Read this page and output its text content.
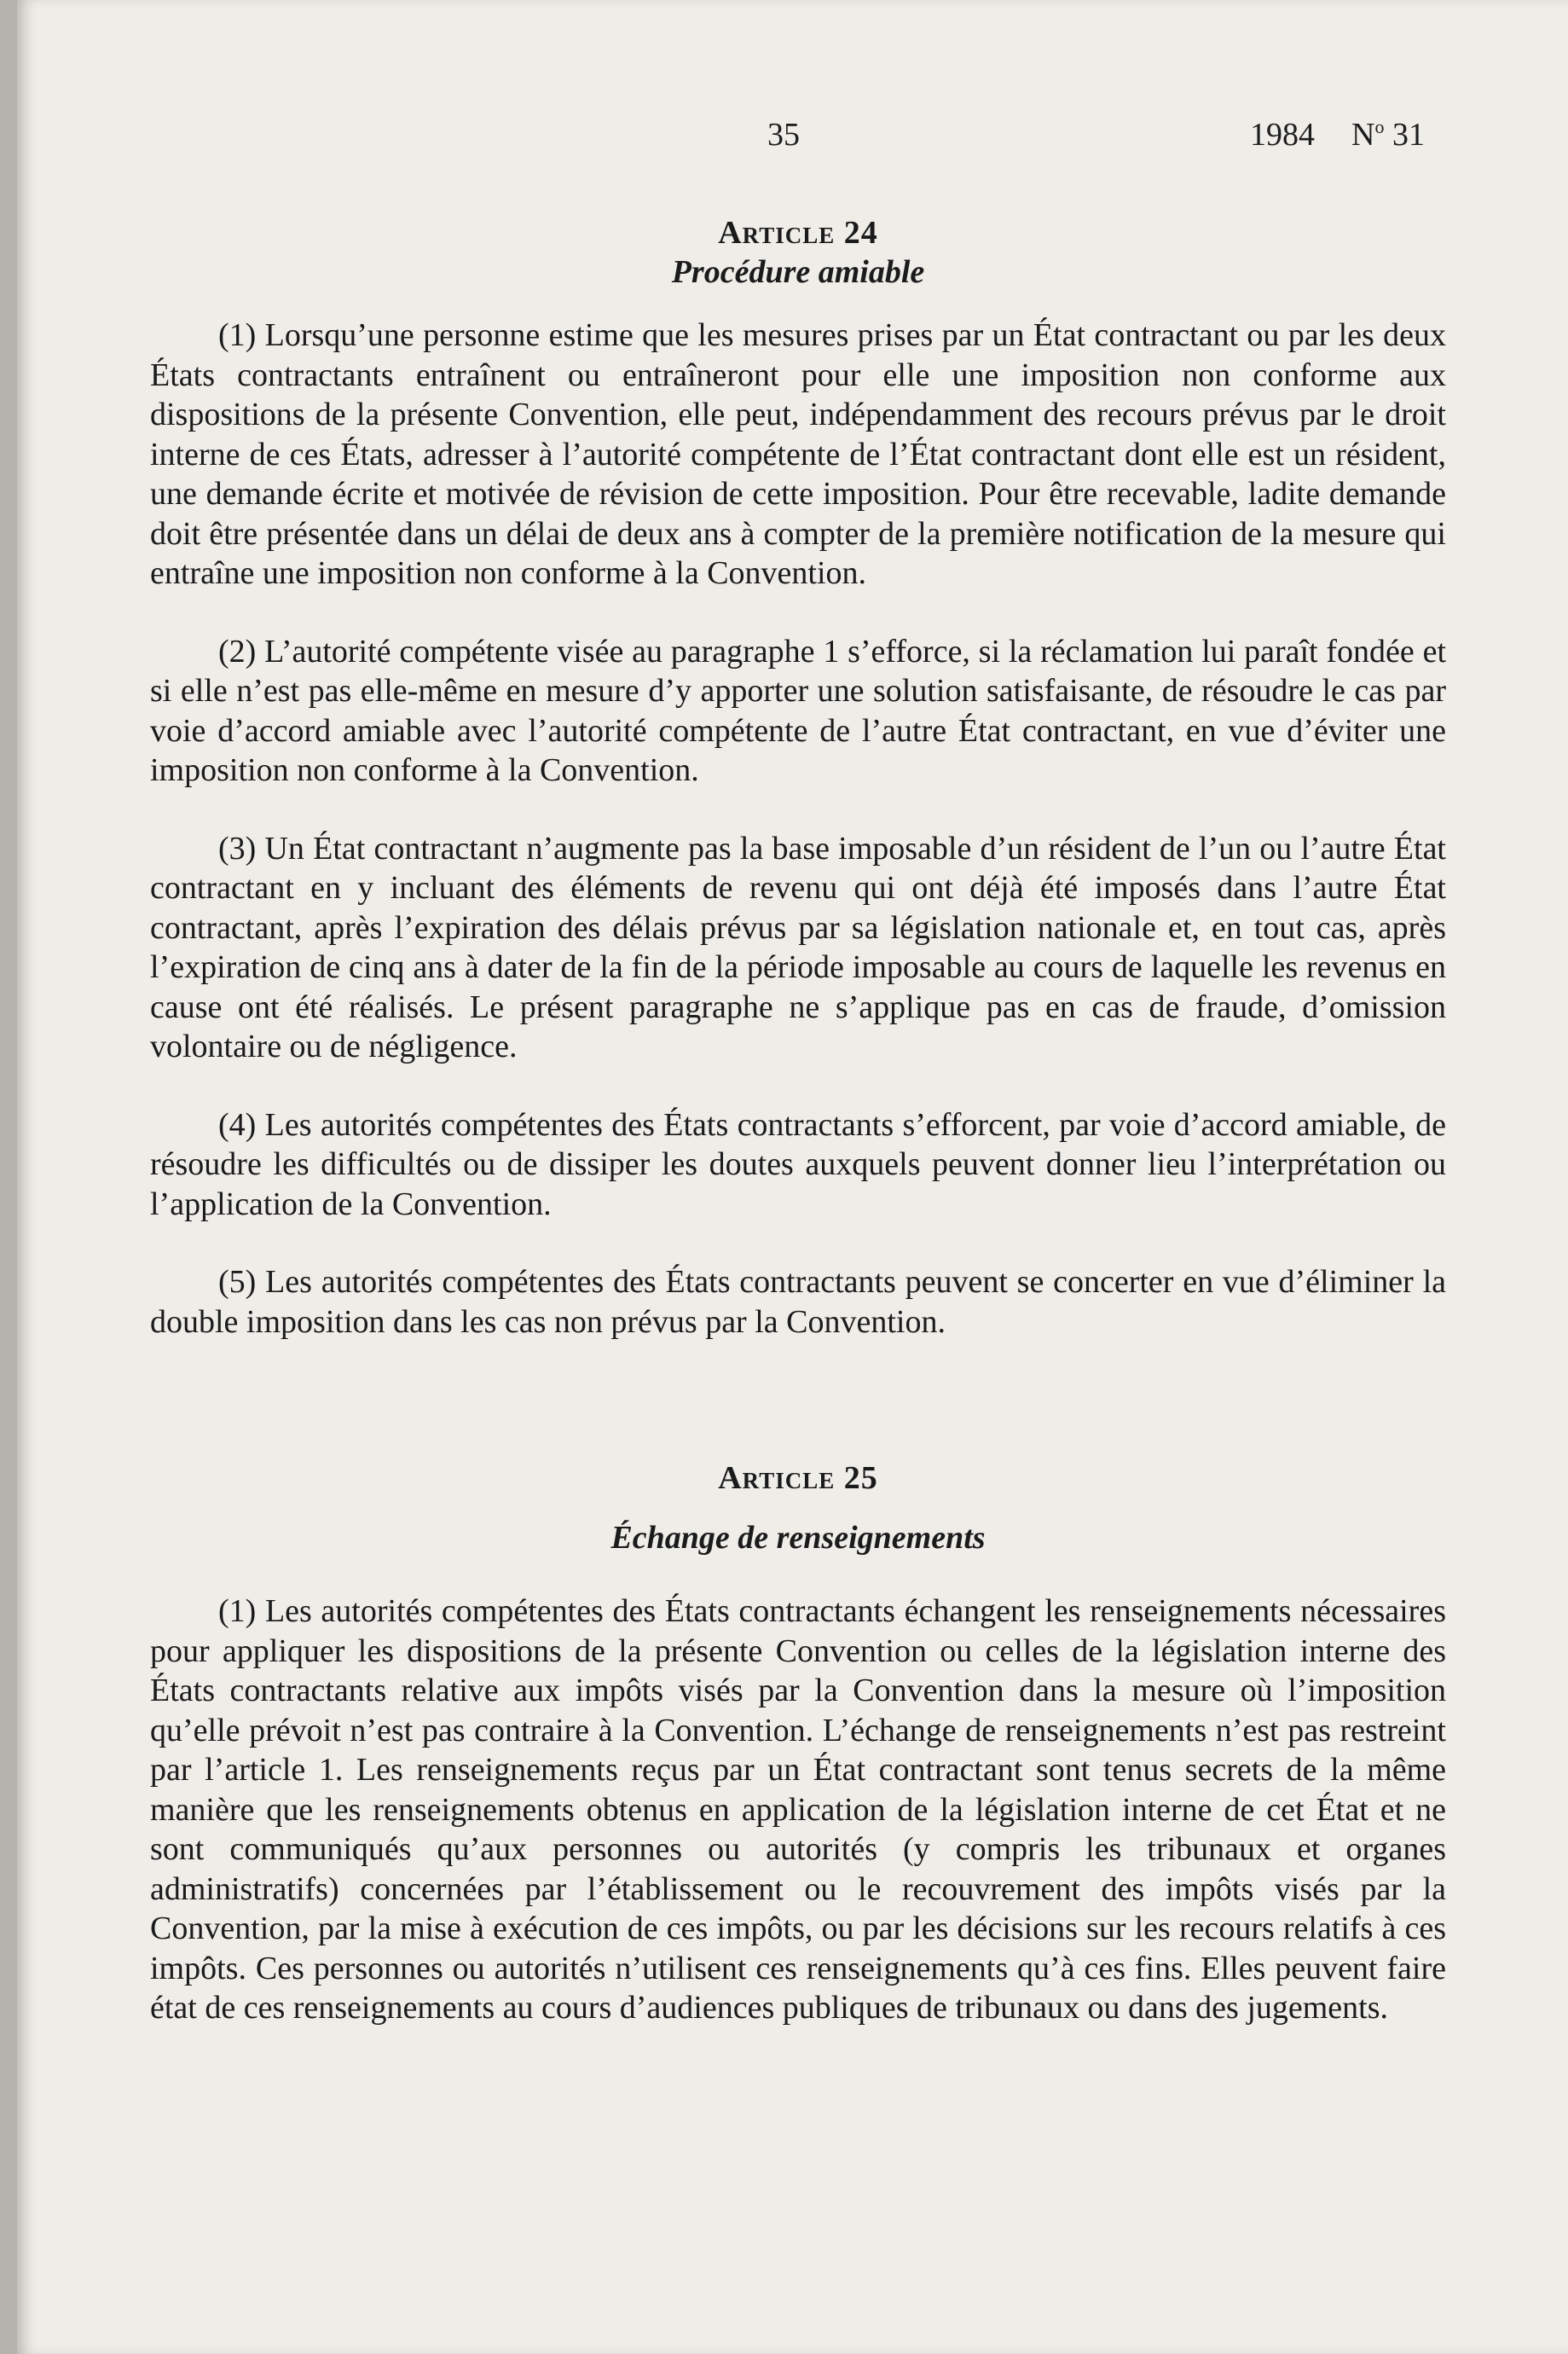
35	1984 $N^o$ 31
Article 24
Procédure amiable

(1) Lorsqu’une personne estime que les mesures prises par un État contractant ou par les deux États contractants entraînent ou entraîneront pour elle une imposition non conforme aux dispositions de la présente Convention, elle peut, indépendamment des recours prévus par le droit interne de ces États, adresser à l’autorité compétente de l’État contractant dont elle est un résident, une demande écrite et motivée de révision de cette imposition. Pour être recevable, ladite demande doit être présentée dans un délai de deux ans à compter de la première notification de la mesure qui entraîne une imposition non conforme à la Convention.

(2) L’autorité compétente visée au paragraphe 1 s’efforce, si la réclamation lui paraît fondée et si elle n’est pas elle-même en mesure d’y apporter une solution satisfaisante, de résoudre le cas par voie d’accord amiable avec l’autorité compétente de l’autre État contractant, en vue d’éviter une imposition non conforme à la Convention.

(3) Un État contractant n’augmente pas la base imposable d’un résident de l’un ou l’autre État contractant en y incluant des éléments de revenu qui ont déjà été imposés dans l’autre État contractant, après l’expiration des délais prévus par sa législation nationale et, en tout cas, après l’expiration de cinq ans à dater de la fin de la période imposable au cours de laquelle les revenus en cause ont été réalisés. Le présent paragraphe ne s’applique pas en cas de fraude, d’omission volontaire ou de négligence.

(4) Les autorités compétentes des États contractants s’efforcent, par voie d’accord amiable, de résoudre les difficultés ou de dissiper les doutes auxquels peuvent donner lieu l’interprétation ou l’application de la Convention.

(5) Les autorités compétentes des États contractants peuvent se concerter en vue d’éliminer la double imposition dans les cas non prévus par la Convention.

Article 25
Échange de renseignements

(1) Les autorités compétentes des États contractants échangent les renseignements nécessaires pour appliquer les dispositions de la présente Convention ou celles de la législation interne des États contractants relative aux impôts visés par la Convention dans la mesure où l’imposition qu’elle prévoit n’est pas contraire à la Convention. L’échange de renseignements n’est pas restreint par l’article 1. Les renseignements reçus par un État contractant sont tenus secrets de la même manière que les renseignements obtenus en application de la législation interne de cet État et ne sont communiqués qu’aux personnes ou autorités (y compris les tribunaux et organes administratifs) concernées par l’établissement ou le recouvrement des impôts visés par la Convention, par la mise à exécution de ces impôts, ou par les décisions sur les recours relatifs à ces impôts. Ces personnes ou autorités n’utilisent ces renseignements qu’à ces fins. Elles peuvent faire état de ces renseignements au cours d’audiences publiques de tribunaux ou dans des jugements.
